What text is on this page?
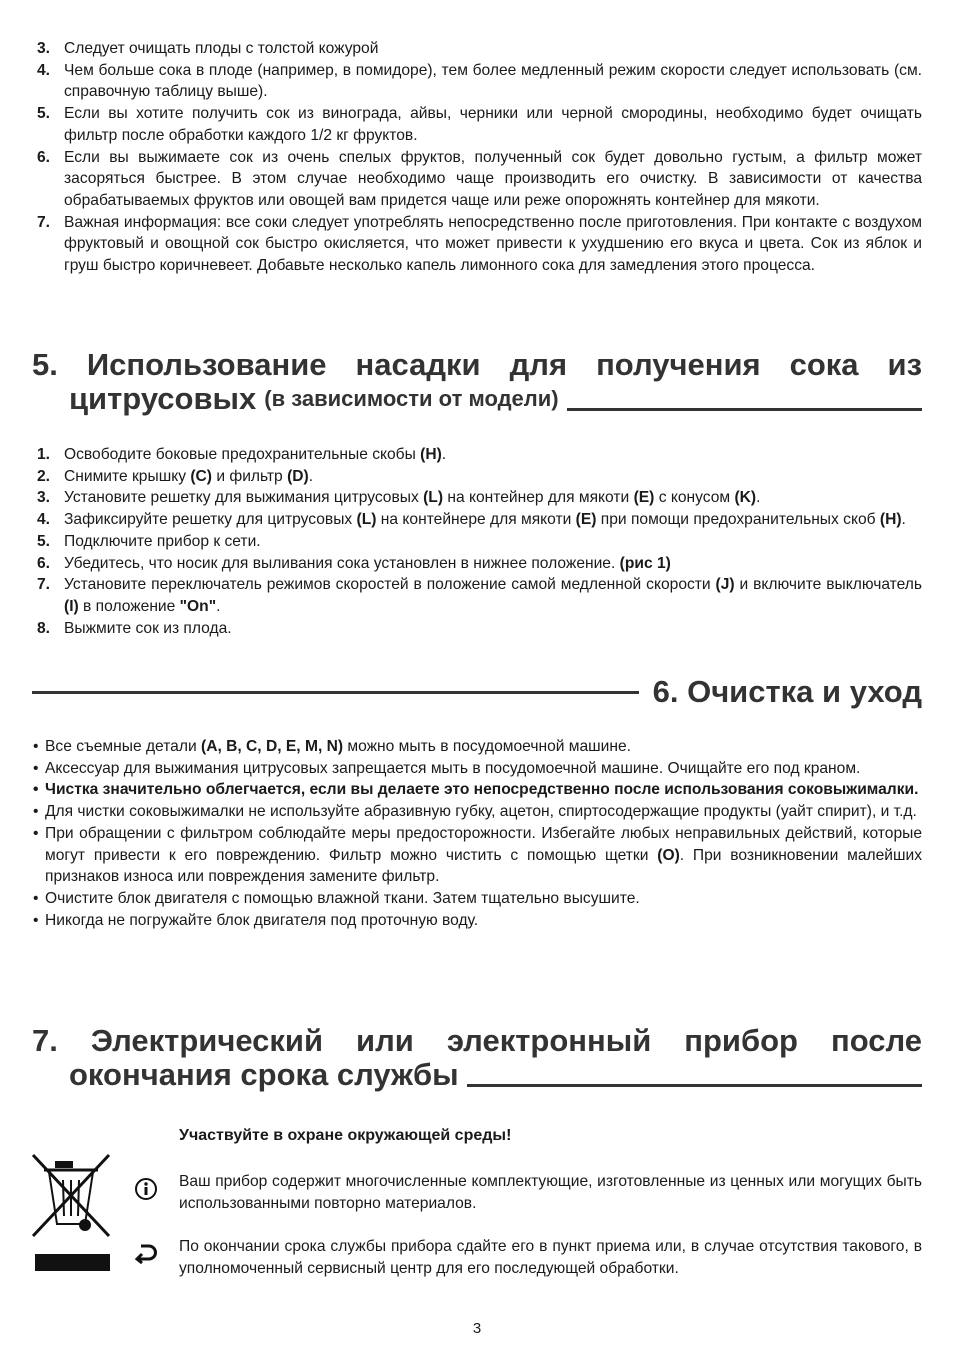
3. Следует очищать плоды с толстой кожурой
4. Чем больше сока в плоде (например, в помидоре), тем более медленный режим скорости следует использовать (см. справочную таблицу выше).
5. Если вы хотите получить сок из винограда, айвы, черники или черной смородины, необходимо будет очищать фильтр после обработки каждого 1/2 кг фруктов.
6. Если вы выжимаете сок из очень спелых фруктов, полученный сок будет довольно густым, а фильтр может засоряться быстрее. В этом случае необходимо чаще производить его очистку. В зависимости от качества обрабатываемых фруктов или овощей вам придется чаще или реже опорожнять контейнер для мякоти.
7. Важная информация: все соки следует употреблять непосредственно после приготовления. При контакте с воздухом фруктовый и овощной сок быстро окисляется, что может привести к ухудшению его вкуса и цвета. Сок из яблок и груш быстро коричневеет. Добавьте несколько капель лимонного сока для замедления этого процесса.
5. Использование насадки для получения сока из
цитрусовых (в зависимости от модели)
1. Освободите боковые предохранительные скобы (H).
2. Снимите крышку (C) и фильтр (D).
3. Установите решетку для выжимания цитрусовых (L) на контейнер для мякоти (E) с конусом (K).
4. Зафиксируйте решетку для цитрусовых (L) на контейнере для мякоти (E) при помощи предохранительных скоб (H).
5. Подключите прибор к сети.
6. Убедитесь, что носик для выливания сока установлен в нижнее положение. (рис 1)
7. Установите переключатель режимов скоростей в положение самой медленной скорости (J) и включите выключатель (I) в положение "On".
8. Выжмите сок из плода.
6. Очистка и уход
• Все съемные детали (A, B, C, D, E, M, N) можно мыть в посудомоечной машине.
• Аксессуар для выжимания цитрусовых запрещается мыть в посудомоечной машине. Очищайте его под краном.
• Чистка значительно облегчается, если вы делаете это непосредственно после использования соковыжималки.
• Для чистки соковыжималки не используйте абразивную губку, ацетон, спиртосодержащие продукты (уайт спирит), и т.д.
• При обращении с фильтром соблюдайте меры предосторожности. Избегайте любых неправильных действий, которые могут привести к его повреждению. Фильтр можно чистить с помощью щетки (O). При возникновении малейших признаков износа или повреждения замените фильтр.
• Очистите блок двигателя с помощью влажной ткани. Затем тщательно высушите.
• Никогда не погружайте блок двигателя под проточную воду.
7. Электрический или электронный прибор после
окончания срока службы
Участвуйте в охране окружающей среды!
Ваш прибор содержит многочисленные комплектующие, изготовленные из ценных или могущих быть использованными повторно материалов.
По окончании срока службы прибора сдайте его в пункт приема или, в случае отсутствия такового, в уполномоченный сервисный центр для его последующей обработки.
3
